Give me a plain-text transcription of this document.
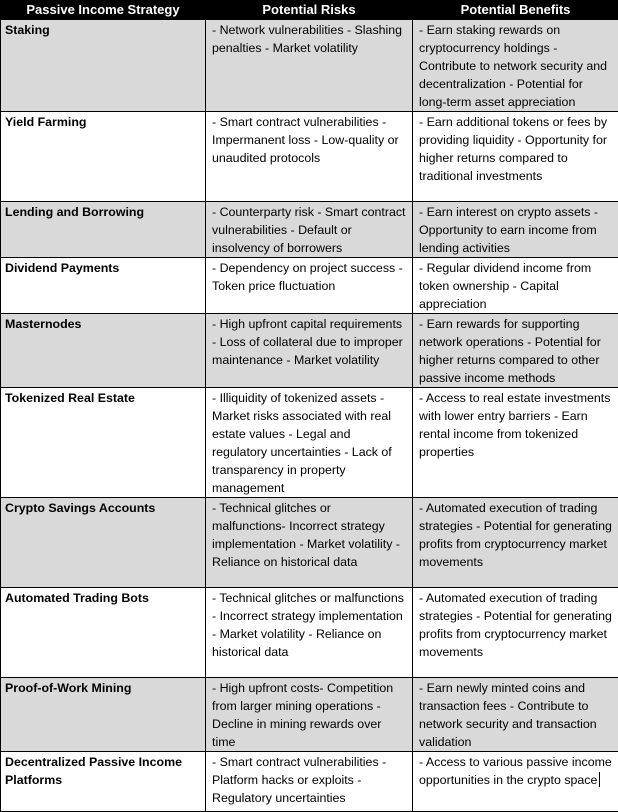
Passive Income Strategy	Potential Risks	Potential Benefits
Staking	- Network vulnerabilities - Slashing penalties - Market volatility	- Earn staking rewards on cryptocurrency holdings - Contribute to network security and decentralization - Potential for long-term asset appreciation
Yield Farming	- Smart contract vulnerabilities - Impermanent loss - Low-quality or unaudited protocols	- Earn additional tokens or fees by providing liquidity - Opportunity for higher returns compared to traditional investments
Lending and Borrowing	- Counterparty risk - Smart contract vulnerabilities - Default or insolvency of borrowers	- Earn interest on crypto assets - Opportunity to earn income from lending activities
Dividend Payments	- Dependency on project success - Token price fluctuation	- Regular dividend income from token ownership - Capital appreciation
Masternodes	- High upfront capital requirements - Loss of collateral due to improper maintenance - Market volatility	- Earn rewards for supporting network operations - Potential for higher returns compared to other passive income methods
Tokenized Real Estate	- Illiquidity of tokenized assets - Market risks associated with real estate values - Legal and regulatory uncertainties - Lack of transparency in property management	- Access to real estate investments with lower entry barriers - Earn rental income from tokenized properties
Crypto Savings Accounts	- Technical glitches or malfunctions- Incorrect strategy implementation - Market volatility - Reliance on historical data	- Automated execution of trading strategies - Potential for generating profits from cryptocurrency market movements
Automated Trading Bots	- Technical glitches or malfunctions - Incorrect strategy implementation - Market volatility - Reliance on historical data	- Automated execution of trading strategies - Potential for generating profits from cryptocurrency market movements
Proof-of-Work Mining	- High upfront costs- Competition from larger mining operations - Decline in mining rewards over time	- Earn newly minted coins and transaction fees - Contribute to network security and transaction validation
Decentralized Passive Income Platforms	- Smart contract vulnerabilities - Platform hacks or exploits - Regulatory uncertainties	- Access to various passive income opportunities in the crypto space
